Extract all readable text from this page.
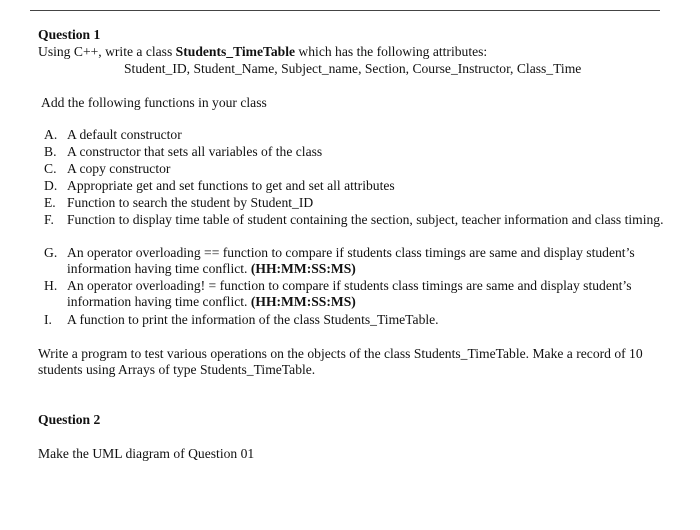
Question 1
Using C++, write a class Students_TimeTable which has the following attributes:
Student_ID, Student_Name, Subject_name, Section, Course_Instructor, Class_Time
Add the following functions in your class
A. A default constructor
B. A constructor that sets all variables of the class
C. A copy constructor
D. Appropriate get and set functions to get and set all attributes
E. Function to search the student by Student_ID
F. Function to display time table of student containing the section, subject, teacher information and class timing.
G. An operator overloading == function to compare if students class timings are same and display student’s information having time conflict. (HH:MM:SS:MS)
H. An operator overloading! = function to compare if students class timings are same and display student’s information having time conflict. (HH:MM:SS:MS)
I.	A function to print the information of the class Students_TimeTable.
Write a program to test various operations on the objects of the class Students_TimeTable. Make a record of 10 students using Arrays of type Students_TimeTable.
Question 2
Make the UML diagram of Question 01
